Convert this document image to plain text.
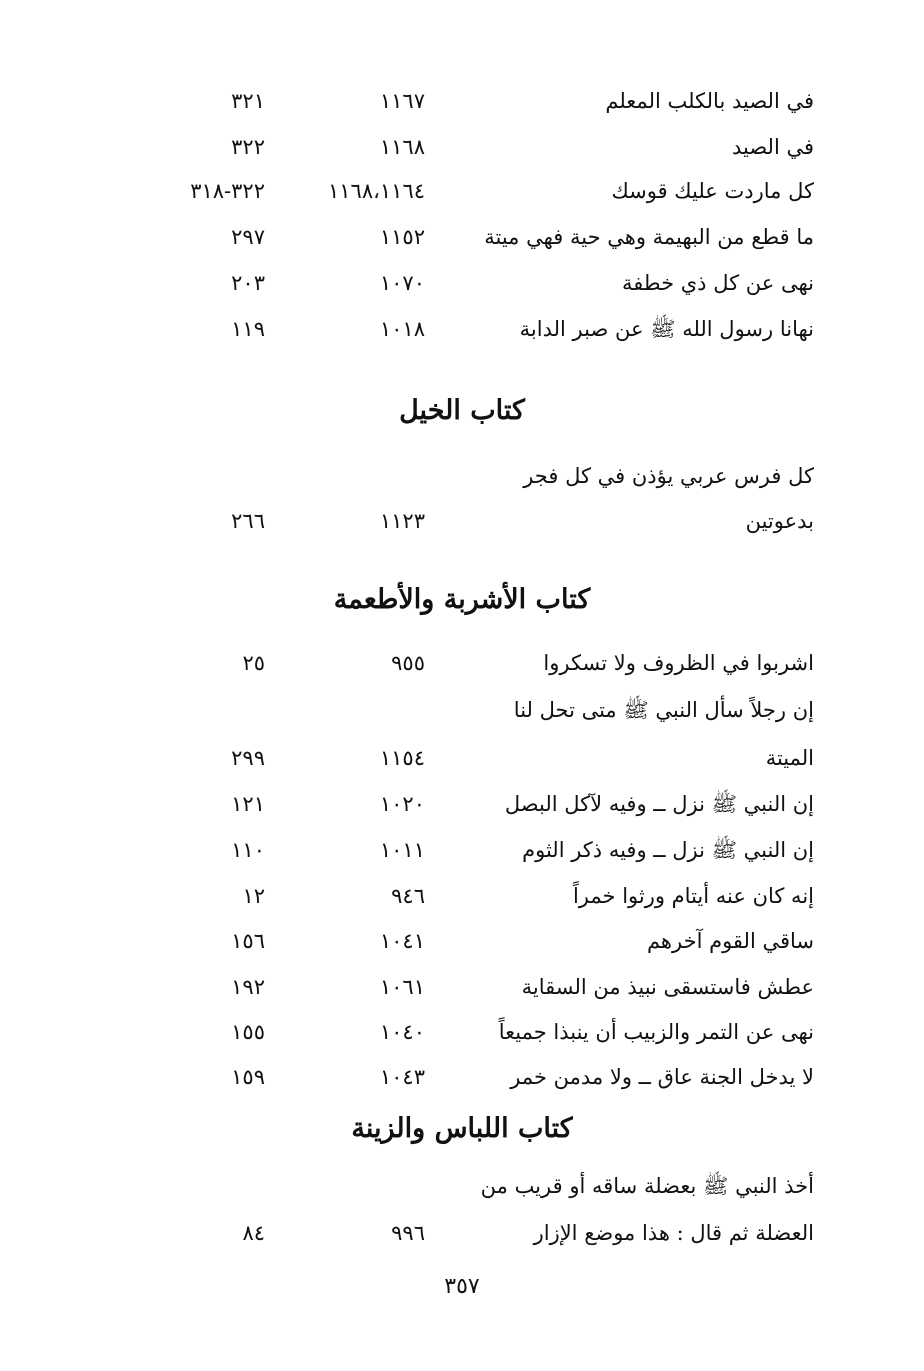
في الصيد بالكلب المعلم
١١٦٧
٣٢١
في الصيد
١١٦٨
٣٢٢
كل ماردت عليك قوسك
١١٦٨،١١٦٤
٣٢٢-٣١٨
ما قطع من البهيمة وهي حية فهي ميتة
١١٥٢
٢٩٧
نهى عن كل ذي خطفة
١٠٧٠
٢٠٣
نهانا رسول الله ﷺ عن صبر الدابة
١٠١٨
١١٩
كتاب الخيل
كل فرس عربي يؤذن في كل فجر
بدعوتين
١١٢٣
٢٦٦
كتاب الأشربة والأطعمة
اشربوا في الظروف ولا تسكروا
٩٥٥
٢٥
إن رجلاً سأل النبي ﷺ متى تحل لنا
الميتة
١١٥٤
٢٩٩
إن النبي ﷺ نزل ــ وفيه لآكل البصل
١٠٢٠
١٢١
إن النبي ﷺ نزل ــ وفيه ذكر الثوم
١٠١١
١١٠
إنه كان عنه أيتام ورثوا خمراً
٩٤٦
١٢
ساقي القوم آخرهم
١٠٤١
١٥٦
عطش فاستسقى نبيذ من السقاية
١٠٦١
١٩٢
نهى عن التمر والزبيب أن ينبذا جميعاً
١٠٤٠
١٥٥
لا يدخل الجنة عاق ــ ولا مدمن خمر
١٠٤٣
١٥٩
كتاب اللباس والزينة
أخذ النبي ﷺ بعضلة ساقه أو قريب من
العضلة ثم قال : هذا موضع الإزار
٩٩٦
٨٤
٣٥٧
